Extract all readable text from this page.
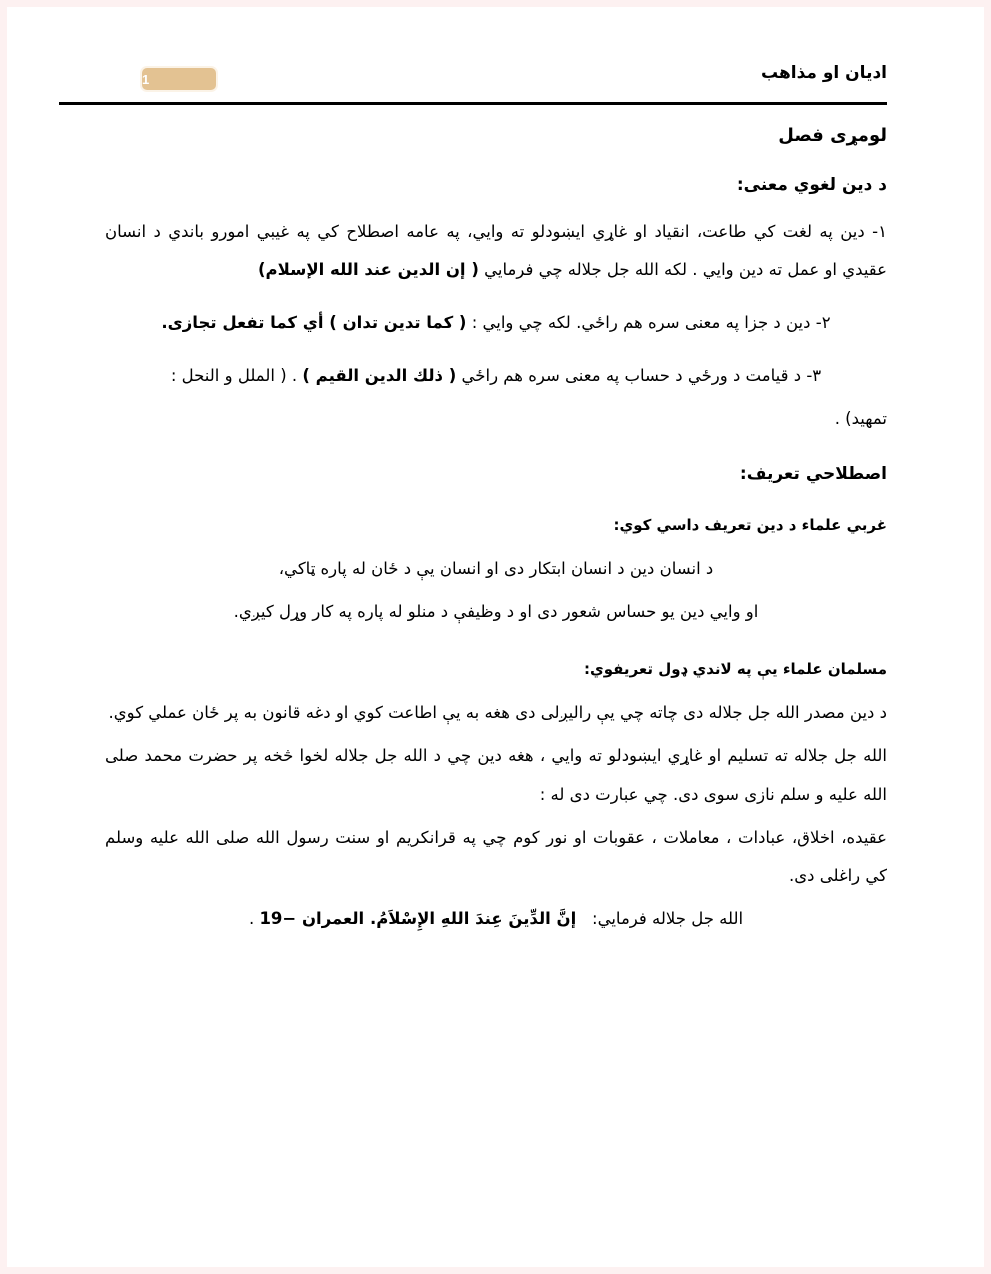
1	ادیان او مذاهب
لومړی فصل
د دين لغوي معنى:

١- دين په لغت کي طاعت، انقياد او غاړي ايښودلو ته وايي، په عامه اصطلاح کي په غيبي امورو باندي د انسان عقيدي او عمل ته دين وايي . لکه الله جل جلاله چي فرمايي ( إن الدين عند الله الإسلام)

٢- دين د جزا په معنى سره هم راځي. لکه چي وايي : ( کما تدين تدان ) أي کما تفعل تجازى.

٣- د قيامت د ورځي د حساب په معنى سره هم راځي ( ذلك الدين القيم ) . ( الملل و النحل :

تمهيد) .

اصطلاحي تعريف:
غربي علماء د دين تعريف داسي کوي:

د انسان دين د انسان ابتکار دى او انسان يې د ځان له پاره ټاکي،

او وايي دين يو حساس شعور دى او د وظيفې د منلو له پاره په کار وړل کيږي.

مسلمان علماء يې په لاندي ډول تعريفوي:

د دين مصدر الله جل جلاله دى چاته چي يې راليږلى دى هغه به يې اطاعت کوي او دغه قانون به پر ځان عملي کوي.

الله جل جلاله ته تسليم او غاړي ايښودلو ته وايي ، هغه دين چي د الله جل جلاله لخوا څخه پر حضرت محمد صلى الله عليه و سلم نازى سوى دى. چي عبارت دى له :

عقيده، اخلاق، عبادات ، معاملات ، عقوبات او نور کوم چي په قرانکريم او سنت رسول الله صلى الله عليه وسلم کي راغلى دى.

الله جل جلاله فرمايي:   إنَّ الدِّينَ عِندَ اللهِ الإِسْلاَمُ. العمران −19 .
